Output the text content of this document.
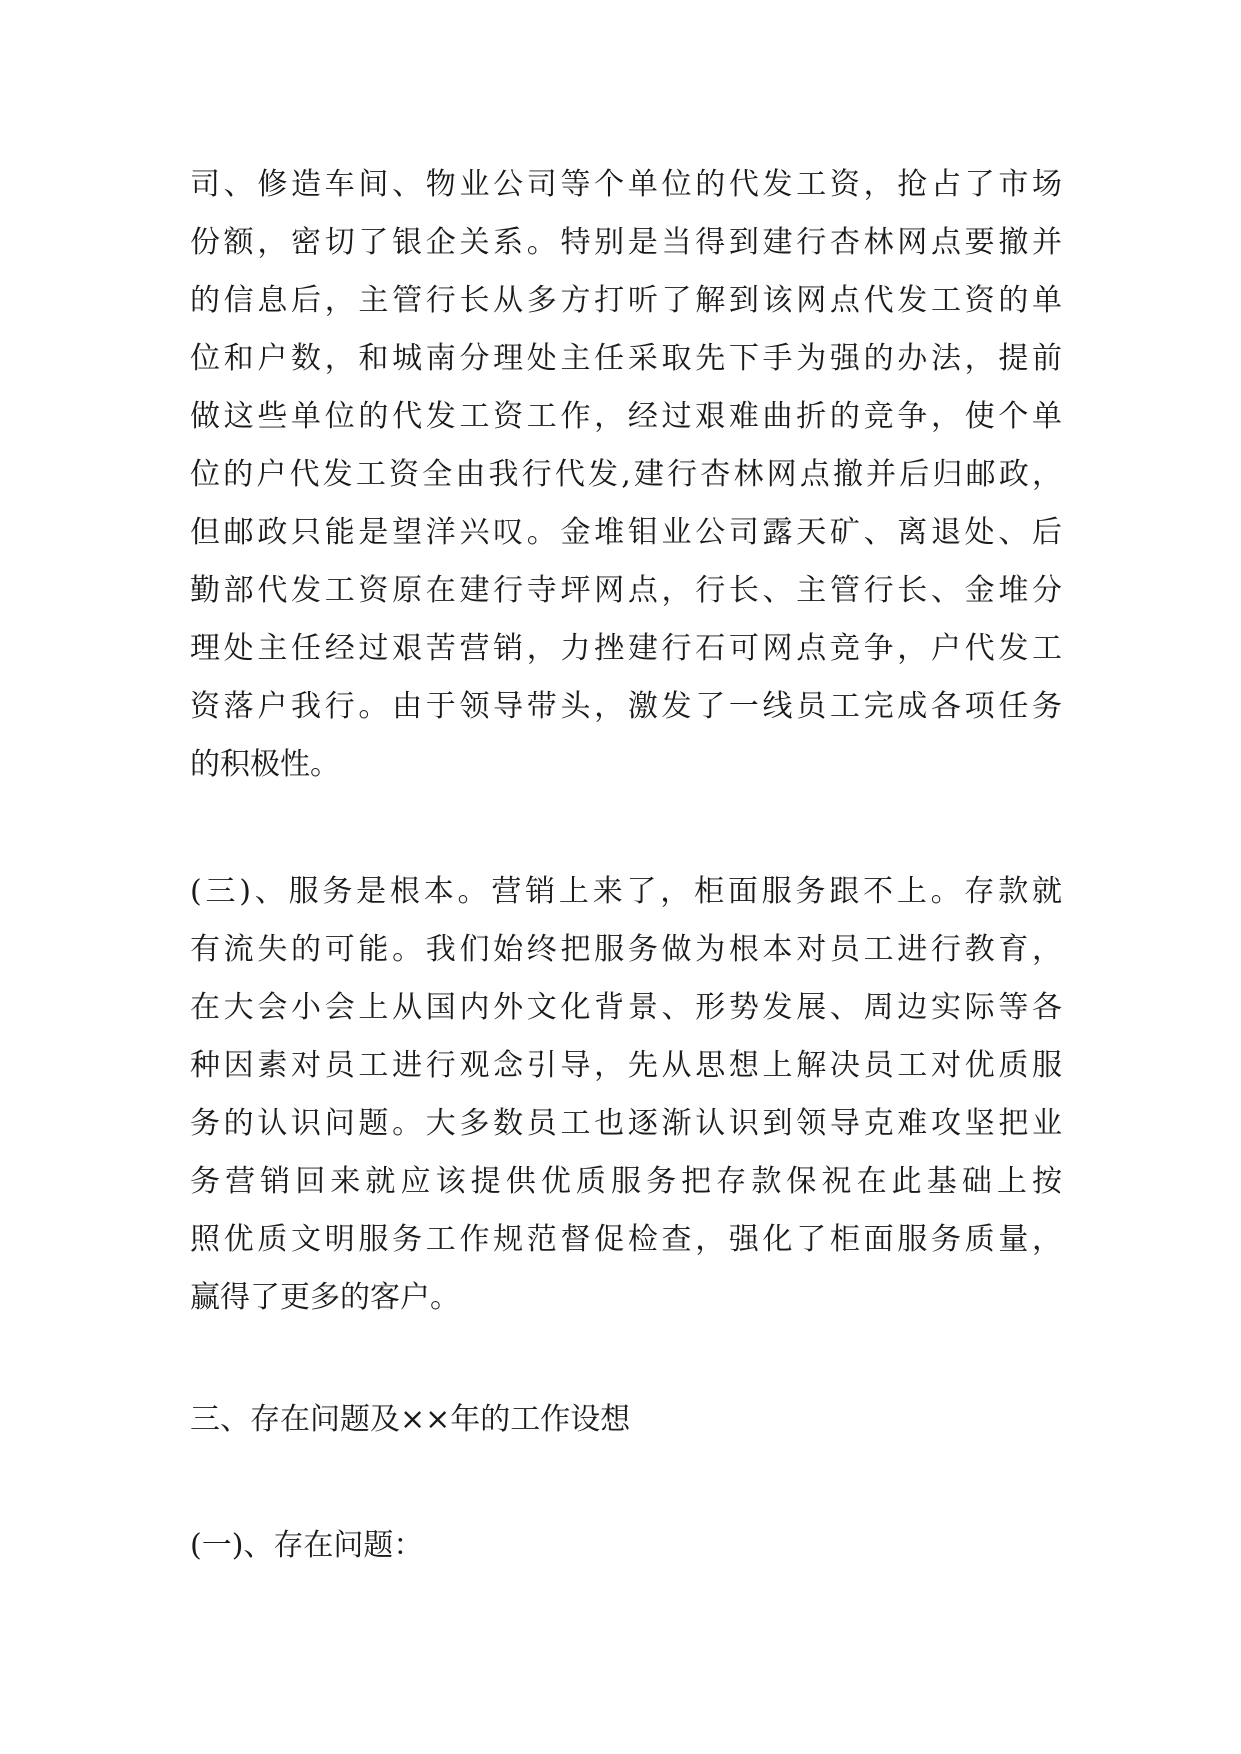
司、修造车间、物业公司等个单位的代发工资，抢占了市场
份额，密切了银企关系。特别是当得到建行杏林网点要撤并
的信息后，主管行长从多方打听了解到该网点代发工资的单
位和户数，和城南分理处主任采取先下手为强的办法，提前
做这些单位的代发工资工作，经过艰难曲折的竞争，使个单
位的户代发工资全由我行代发,建行杏林网点撤并后归邮政，
但邮政只能是望洋兴叹。金堆钼业公司露天矿、离退处、后
勤部代发工资原在建行寺坪网点，行长、主管行长、金堆分
理处主任经过艰苦营销，力挫建行石可网点竞争，户代发工
资落户我行。由于领导带头，激发了一线员工完成各项任务
的积极性。
(三)、服务是根本。营销上来了，柜面服务跟不上。存款就
有流失的可能。我们始终把服务做为根本对员工进行教育，
在大会小会上从国内外文化背景、形势发展、周边实际等各
种因素对员工进行观念引导，先从思想上解决员工对优质服
务的认识问题。大多数员工也逐渐认识到领导克难攻坚把业
务营销回来就应该提供优质服务把存款保祝在此基础上按
照优质文明服务工作规范督促检查，强化了柜面服务质量，
赢得了更多的客户。
三、存在问题及××年的工作设想
(一)、存在问题：
